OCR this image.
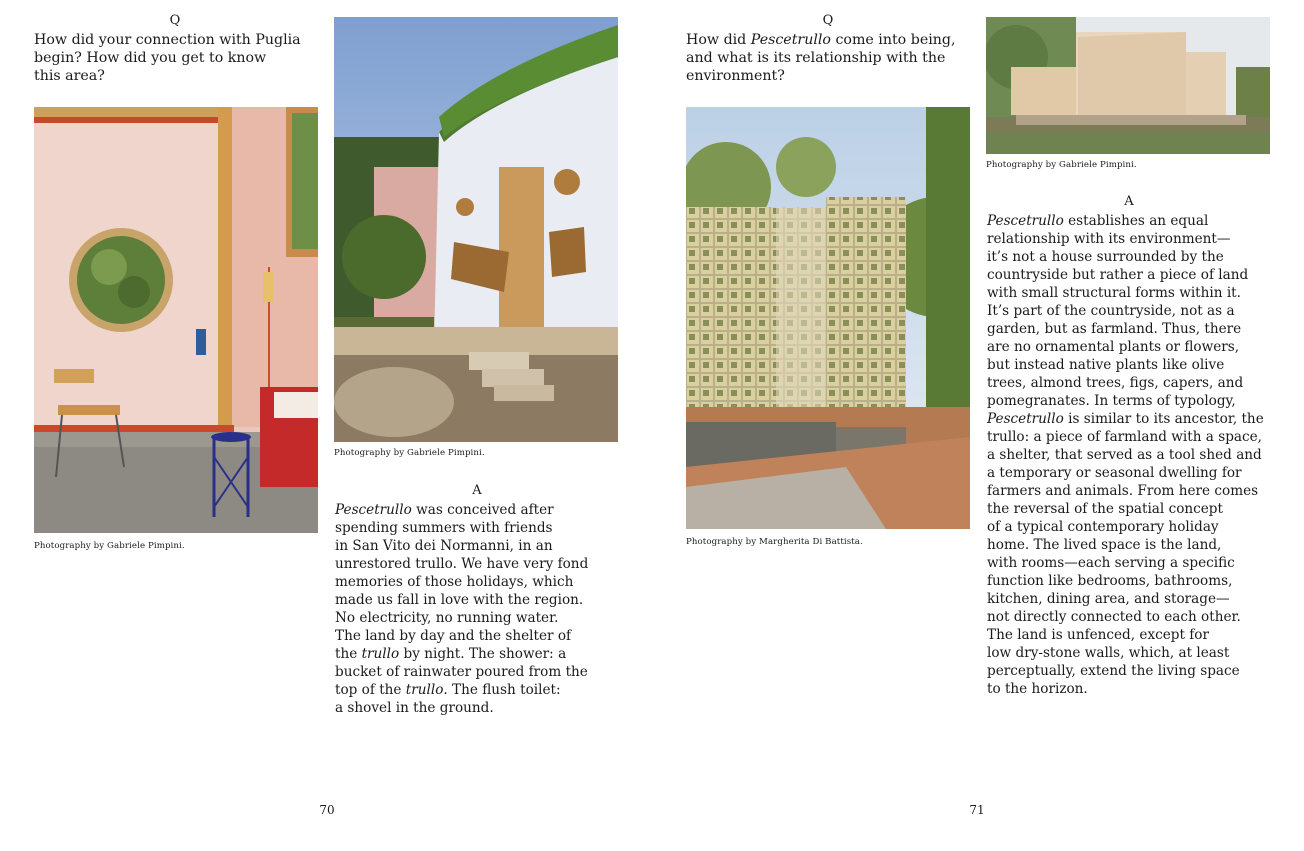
Q
How did your connection with Puglia
begin? How did you get to know
this area?
Photography by Gabriele Pimpini.
Photography by Gabriele Pimpini.
A
Pescetrullo was conceived after
spending summers with friends
in San Vito dei Normanni, in an
unrestored trullo. We have very fond
memories of those holidays, which
made us fall in love with the region.
No electricity, no running water.
The land by day and the shelter of
the trullo by night. The shower: a
bucket of rainwater poured from the
top of the trullo. The flush toilet:
a shovel in the ground.
70
Q
How did Pescetrullo come into being,
and what is its relationship with the
environment?
Photography by Margherita Di Battista.
Photography by Gabriele Pimpini.
A
Pescetrullo establishes an equal
relationship with its environment—
it’s not a house surrounded by the
countryside but rather a piece of land
with small structural forms within it.
It’s part of the countryside, not as a
garden, but as farmland. Thus, there
are no ornamental plants or flowers,
but instead native plants like olive
trees, almond trees, figs, capers, and
pomegranates. In terms of typology,
Pescetrullo is similar to its ancestor, the
trullo: a piece of farmland with a space,
a shelter, that served as a tool shed and
a temporary or seasonal dwelling for
farmers and animals. From here comes
the reversal of the spatial concept
of a typical contemporary holiday
home. The lived space is the land,
with rooms—each serving a specific
function like bedrooms, bathrooms,
kitchen, dining area, and storage—
not directly connected to each other.
The land is unfenced, except for
low dry-stone walls, which, at least
perceptually, extend the living space
to the horizon.
71
